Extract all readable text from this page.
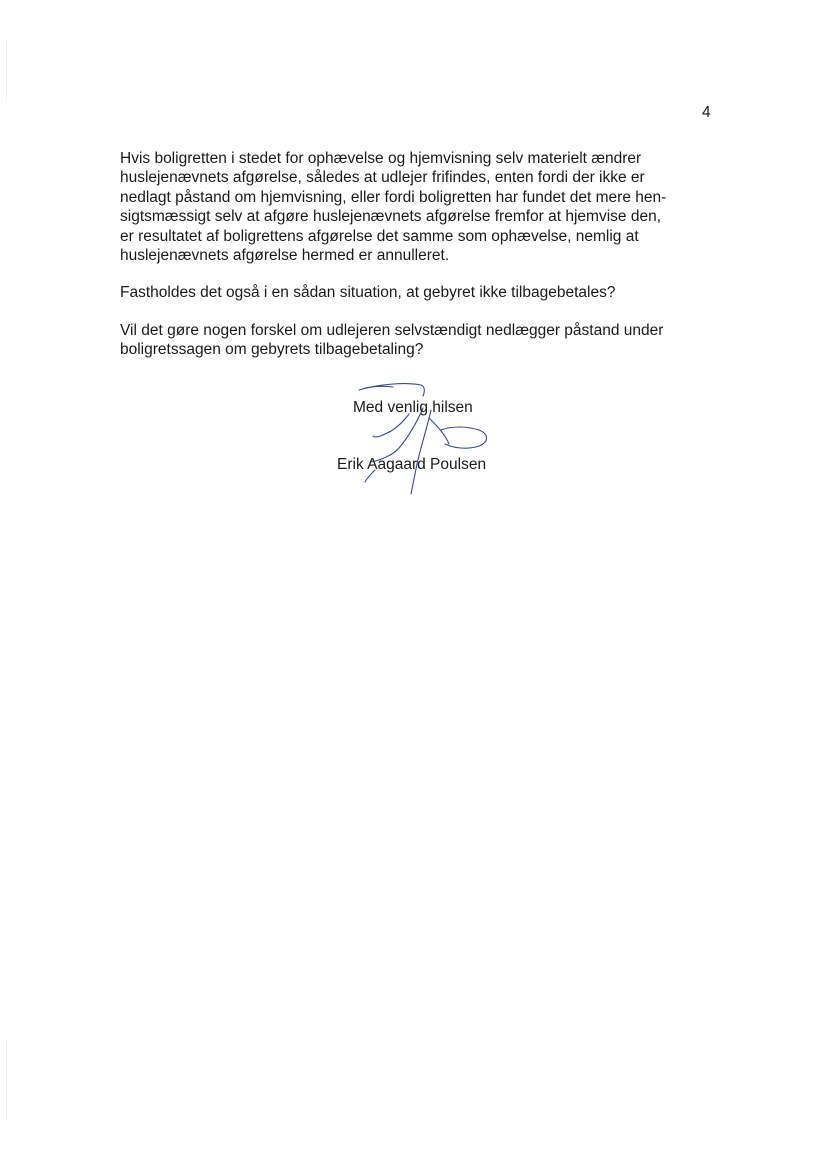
4
Hvis boligretten i stedet for ophævelse og hjemvisning selv materielt ændrer
huslejenævnets afgørelse, således at udlejer frifindes, enten fordi der ikke er
nedlagt påstand om hjemvisning, eller fordi boligretten har fundet det mere hen-
sigtsmæssigt selv at afgøre huslejenævnets afgørelse fremfor at hjemvise den,
er resultatet af boligrettens afgørelse det samme som ophævelse, nemlig at
huslejenævnets afgørelse hermed er annulleret.
Fastholdes det også i en sådan situation, at gebyret ikke tilbagebetales?
Vil det gøre nogen forskel om udlejeren selvstændigt nedlægger påstand under
boligretssagen om gebyrets tilbagebetaling?
Med venlig hilsen
Erik Aagaard Poulsen
